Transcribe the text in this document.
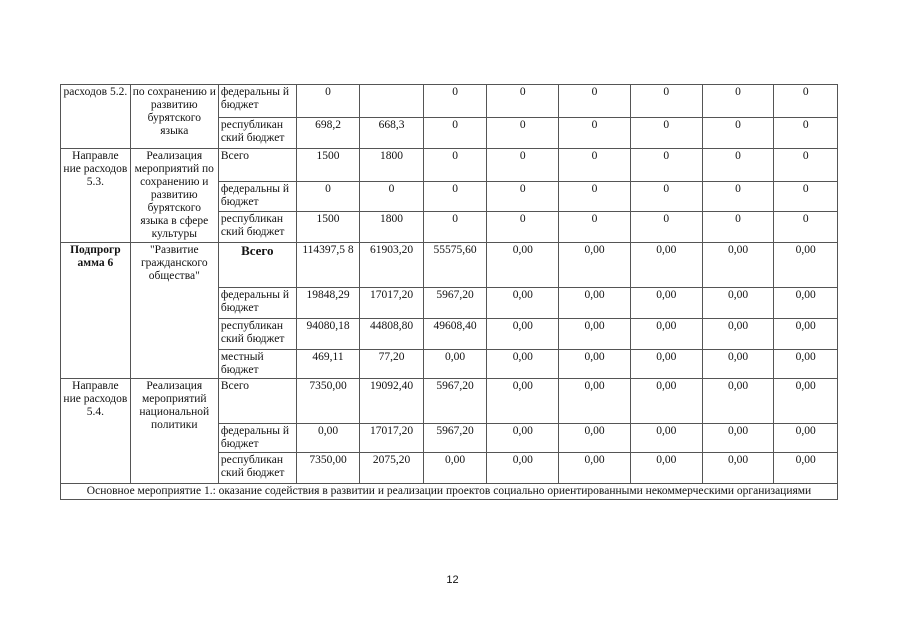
расходов 5.2.	по сохранению и развитию бурятского языка	федеральны й бюджет	0		0	0	0	0	0	0
		республикан ский бюджет	698,2	668,3	0	0	0	0	0	0
Направле ние расходов 5.3.	Реализация мероприятий по сохранению и развитию бурятского языка в сфере культуры	Всего	1500	1800	0	0	0	0	0	0
		федеральны й бюджет	0	0	0	0	0	0	0	0
		республикан ский бюджет	1500	1800	0	0	0	0	0	0
Подпрогр амма 6	"Развитие гражданского общества"	Всего	114397,5 8	61903,20	55575,60	0,00	0,00	0,00	0,00	0,00
		федеральны й бюджет	19848,29	17017,20	5967,20	0,00	0,00	0,00	0,00	0,00
		республикан ский бюджет	94080,18	44808,80	49608,40	0,00	0,00	0,00	0,00	0,00
		местный бюджет	469,11	77,20	0,00	0,00	0,00	0,00	0,00	0,00
Направле ние расходов 5.4.	Реализация мероприятий национальной политики	Всего	7350,00	19092,40	5967,20	0,00	0,00	0,00	0,00	0,00
		федеральны й бюджет	0,00	17017,20	5967,20	0,00	0,00	0,00	0,00	0,00
		республикан ский бюджет	7350,00	2075,20	0,00	0,00	0,00	0,00	0,00	0,00
Основное мероприятие 1.: оказание содействия в развитии и реализации проектов социально ориентированными некоммерческими организациями										
12
